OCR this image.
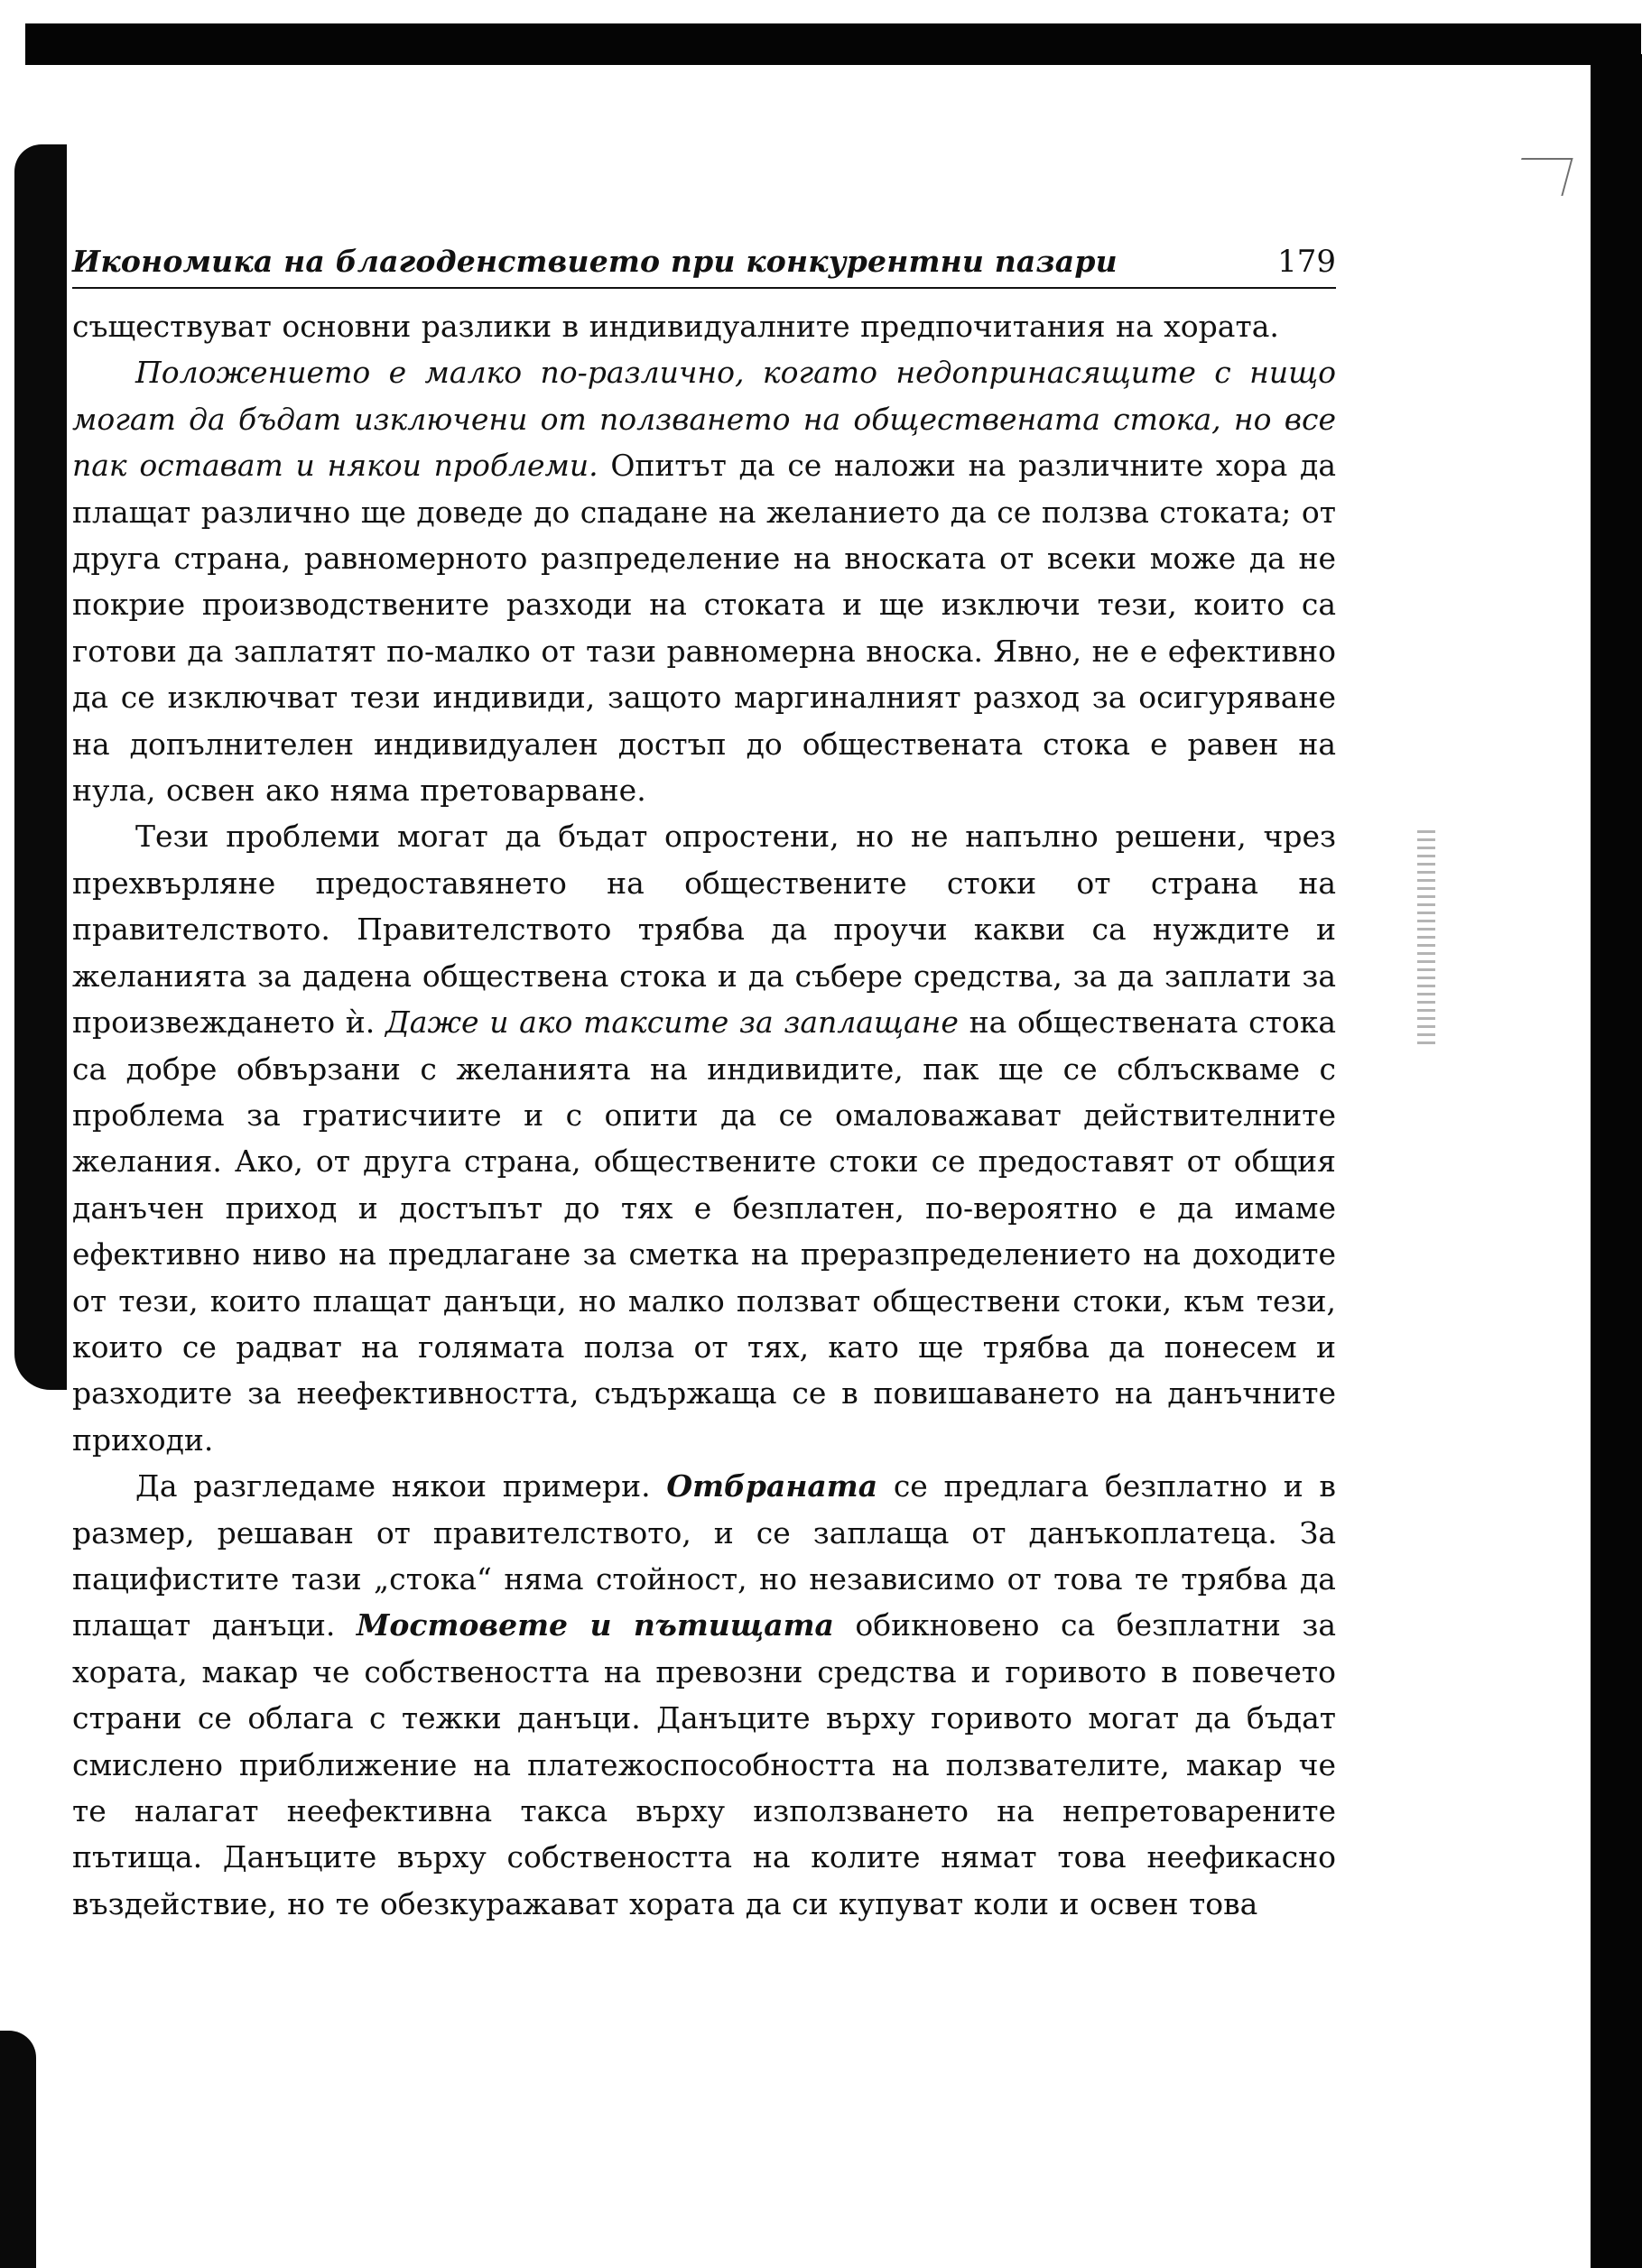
Икономика на благоденствието при конкурентни пазари	179

съществуват основни разлики в индивидуалните предпочитания на хората.

Положението е малко по-различно, когато недопринасящите с нищо могат да бъдат изключени от ползването на обществената стока, но все пак остават и някои проблеми. Опитът да се наложи на различните хора да плащат различно ще доведе до спадане на желанието да се ползва стоката; от друга страна, равномерното разпределение на вноската от всеки може да не покрие производствените разходи на стоката и ще изключи тези, които са готови да заплатят по-малко от тази равномерна вноска. Явно, не е ефективно да се изключват тези индивиди, защото маргиналният разход за осигуряване на допълнителен индивидуален достъп до обществената стока е равен на нула, освен ако няма претоварване.

Тези проблеми могат да бъдат опростени, но не напълно решени, чрез прехвърляне предоставянето на обществените стоки от страна на правителството. Правителството трябва да проучи какви са нуждите и желанията за дадена обществена стока и да събере средства, за да заплати за произвеждането ѝ. Даже и ако таксите за заплащане на обществената стока са добре обвързани с желанията на индивидите, пак ще се сблъскваме с проблема за гратисчиите и с опити да се омаловажават действителните желания. Ако, от друга страна, обществените стоки се предоставят от общия данъчен приход и достъпът до тях е безплатен, по-вероятно е да имаме ефективно ниво на предлагане за сметка на преразпределението на доходите от тези, които плащат данъци, но малко ползват обществени стоки, към тези, които се радват на голямата полза от тях, като ще трябва да понесем и разходите за неефективността, съдържаща се в повишаването на данъчните приходи.

Да разгледаме някои примери. Отбраната се предлага безплатно и в размер, решаван от правителството, и се заплаща от данъкоплатеца. За пацифистите тази „стока“ няма стойност, но независимо от това те трябва да плащат данъци. Мостовете и пътищата обикновено са безплатни за хората, макар че собствеността на превозни средства и горивото в повечето страни се облага с тежки данъци. Данъците върху горивото могат да бъдат смислено приближение на платежоспособността на ползвателите, макар че те налагат неефективна такса върху използването на непретоварените пътища. Данъците върху собствеността на колите нямат това неефикасно въздействие, но те обезкуражават хората да си купуват коли и освен това
